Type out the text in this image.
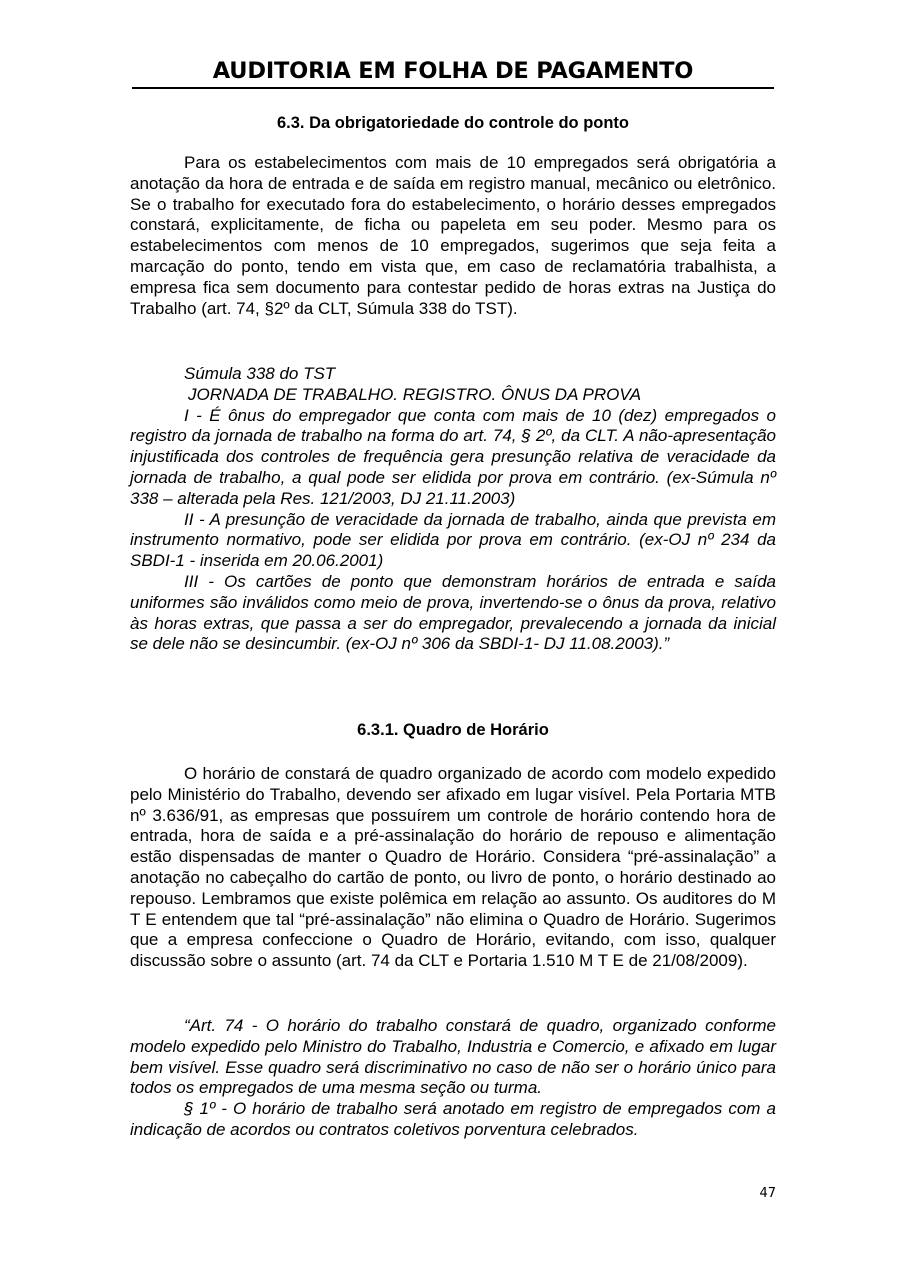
AUDITORIA EM FOLHA DE PAGAMENTO
6.3. Da obrigatoriedade do controle do ponto

Para os estabelecimentos com mais de 10 empregados será obrigatória a anotação da hora de entrada e de saída em registro manual, mecânico ou eletrônico. Se o trabalho for executado fora do estabelecimento, o horário desses empregados constará, explicitamente, de ficha ou papeleta em seu poder. Mesmo para os estabelecimentos com menos de 10 empregados, sugerimos que seja feita a marcação do ponto, tendo em vista que, em caso de reclamatória trabalhista, a empresa fica sem documento para contestar pedido de horas extras na Justiça do Trabalho (art. 74, §2º da CLT, Súmula 338 do TST).

Súmula 338 do TST
JORNADA DE TRABALHO. REGISTRO. ÔNUS DA PROVA
I - É ônus do empregador que conta com mais de 10 (dez) empregados o registro da jornada de trabalho na forma do art. 74, § 2º, da CLT. A não-apresentação injustificada dos controles de frequência gera presunção relativa de veracidade da jornada de trabalho, a qual pode ser elidida por prova em contrário. (ex-Súmula nº 338 – alterada pela Res. 121/2003, DJ 21.11.2003)
II - A presunção de veracidade da jornada de trabalho, ainda que prevista em instrumento normativo, pode ser elidida por prova em contrário. (ex-OJ nº 234 da SBDI-1 - inserida em 20.06.2001)
III - Os cartões de ponto que demonstram horários de entrada e saída uniformes são inválidos como meio de prova, invertendo-se o ônus da prova, relativo às horas extras, que passa a ser do empregador, prevalecendo a jornada da inicial se dele não se desincumbir. (ex-OJ nº 306 da SBDI-1- DJ 11.08.2003).”
6.3.1. Quadro de Horário

O horário de constará de quadro organizado de acordo com modelo expedido pelo Ministério do Trabalho, devendo ser afixado em lugar visível. Pela Portaria MTB nº 3.636/91, as empresas que possuírem um controle de horário contendo hora de entrada, hora de saída e a pré-assinalação do horário de repouso e alimentação estão dispensadas de manter o Quadro de Horário. Considera “pré-assinalação” a anotação no cabeçalho do cartão de ponto, ou livro de ponto, o horário destinado ao repouso. Lembramos que existe polêmica em relação ao assunto. Os auditores do M T E entendem que tal “pré-assinalação” não elimina o Quadro de Horário. Sugerimos que a empresa confeccione o Quadro de Horário, evitando, com isso, qualquer discussão sobre o assunto (art. 74 da CLT e Portaria 1.510 M T E de 21/08/2009).

“Art. 74 - O horário do trabalho constará de quadro, organizado conforme modelo expedido pelo Ministro do Trabalho, Industria e Comercio, e afixado em lugar bem visível. Esse quadro será discriminativo no caso de não ser o horário único para todos os empregados de uma mesma seção ou turma.
§ 1º - O horário de trabalho será anotado em registro de empregados com a indicação de acordos ou contratos coletivos porventura celebrados.
47
